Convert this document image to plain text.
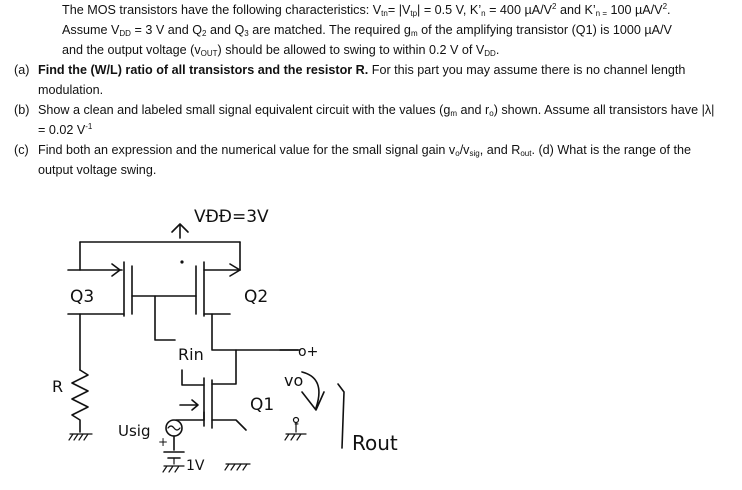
The MOS transistors have the following characteristics: $V_{tn}= |V_{tp}| = 0.5$ V, $K’_n = 400$ $\mu A/V^2$ and $K’_{n =}$ 100 $\mu A/V^2$.
Assume $V_{DD} = 3$ V and $Q_2$ and $Q_3$ are matched. The required $g_m$ of the amplifying transistor (Q1) is 1000 µA/V
and the output voltage $(v_{OUT})$ should be allowed to swing to within 0.2 V of $V_{DD}$.
(a) Find the (W/L) ratio of all transistors and the resistor R. For this part you may assume there is no channel length modulation.
(b) Show a clean and labeled small signal equivalent circuit with the values ($g_m$ and $r_o$) shown. Assume all transistors have |λ| = 0.02 $V^{-1}$
(c) Find both an expression and the numerical value for the small signal gain $v_o/v_{sig}$, and $R_{out}$. (d) What is the range of the output voltage swing.
VĐĐ=3V
Q3	Q2
o+
Rin
R
Q1
Usig
+
1V
vo
-
Rout
